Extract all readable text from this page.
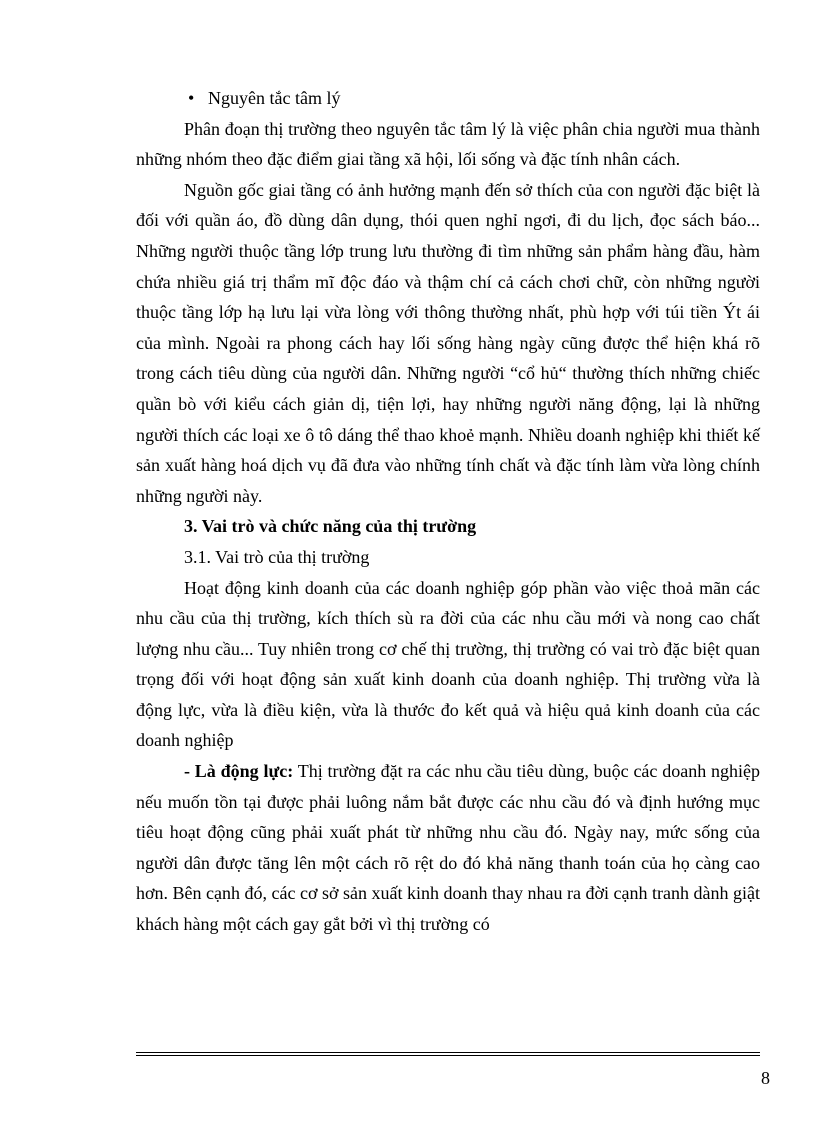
• Nguyên tắc tâm lý

Phân đoạn thị trường theo nguyên tắc tâm lý là việc phân chia người mua thành những nhóm theo đặc điểm giai tầng xã hội, lối sống và đặc tính nhân cách.

Nguồn gốc giai tầng có ảnh hưởng mạnh đến sở thích của con người đặc biệt là đối với quần áo, đồ dùng dân dụng, thói quen nghỉ ngơi, đi du lịch, đọc sách báo... Những người thuộc tầng lớp trung lưu thường đi tìm những sản phẩm hàng đầu, hàm chứa nhiều giá trị thẩm mĩ độc đáo và thậm chí cả cách chơi chữ, còn những người thuộc tầng lớp hạ lưu lại vừa lòng với thông thường nhất, phù hợp với túi tiền Ýt ái của mình. Ngoài ra phong cách hay lối sống hàng ngày cũng được thể hiện khá rõ trong cách tiêu dùng của người dân. Những người “cổ hủ“ thường thích những chiếc quần bò với kiểu cách giản dị, tiện lợi, hay những người năng động, lại là những người thích các loại xe ô tô dáng thể thao khoẻ mạnh. Nhiều doanh nghiệp khi thiết kế sản xuất hàng hoá dịch vụ đã đưa vào những tính chất và đặc tính làm vừa lòng chính những người này.

3. Vai trò và chức năng của thị trường

3.1. Vai trò của thị trường

Hoạt động kinh doanh của các doanh nghiệp góp phần vào việc thoả mãn các nhu cầu của thị trường, kích thích sù ra đời của các nhu cầu mới và nong cao chất lượng nhu cầu... Tuy nhiên trong cơ chế thị trường, thị trường có vai trò đặc biệt quan trọng đối với hoạt động sản xuất kinh doanh của doanh nghiệp. Thị trường vừa là động lực, vừa là điều kiện, vừa là thước đo kết quả và hiệu quả kinh doanh của các doanh nghiệp

- Là động lực: Thị trường đặt ra các nhu cầu tiêu dùng, buộc các doanh nghiệp nếu muốn tồn tại được phải luông nắm bắt được các nhu cầu đó và định hướng mục tiêu hoạt động cũng phải xuất phát từ những nhu cầu đó. Ngày nay, mức sống của người dân được tăng lên một cách rõ rệt do đó khả năng thanh toán của họ càng cao hơn. Bên cạnh đó, các cơ sở sản xuất kinh doanh thay nhau ra đời cạnh tranh dành giật khách hàng một cách gay gắt bởi vì thị trường có

8
